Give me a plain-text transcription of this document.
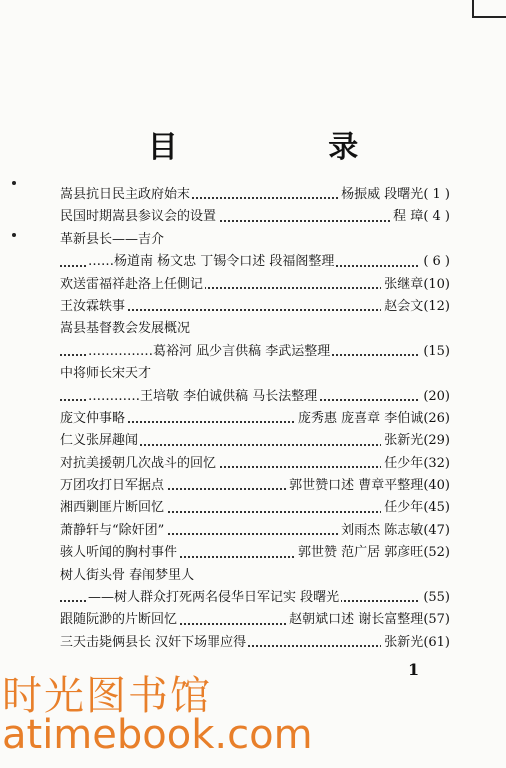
目 录
嵩县抗日民主政府始末	杨振威 段曙光( 1 )
民国时期嵩县参议会的设置	程 璋( 4 )
革新县长——吉介
……杨道南 杨文忠 丁锡令口述 段福阁整理	( 6 )
欢送雷福祥赴洛上任側记	张继章(10)
王汝霖轶事	赵会文(12)
嵩县基督教会发展概况
……………葛裕河 凪少言供稿 李武运整理	(15)
中将师长宋天才
…………王培敬 李伯诚供稿 马长法整理	(20)
庞文仲事略	庞秀惠 庞喜章 李伯诚(26)
仁义张屏趣闻	张新光(29)
对抗美援朝几次战斗的回忆	任少年(32)
万团攻打日军据点	郭世赞口述 曹章平整理(40)
湘西剿匪片断回忆	任少年(45)
萧静轩与“除奸团”	刘雨杰 陈志敏(47)
骇人听闻的胸村事件	郭世赞 范广居 郭彦旺(52)
树人街头骨 春闱梦里人
——树人群众打死两名侵华日军记实 段曙光	(55)
跟随阮渺的片断回忆	赵朝斌口述 谢长富整理(57)
三天击毙俩县长 汉奸下场罪应得	张新光(61)
1
时光图书馆
atimebook.com
